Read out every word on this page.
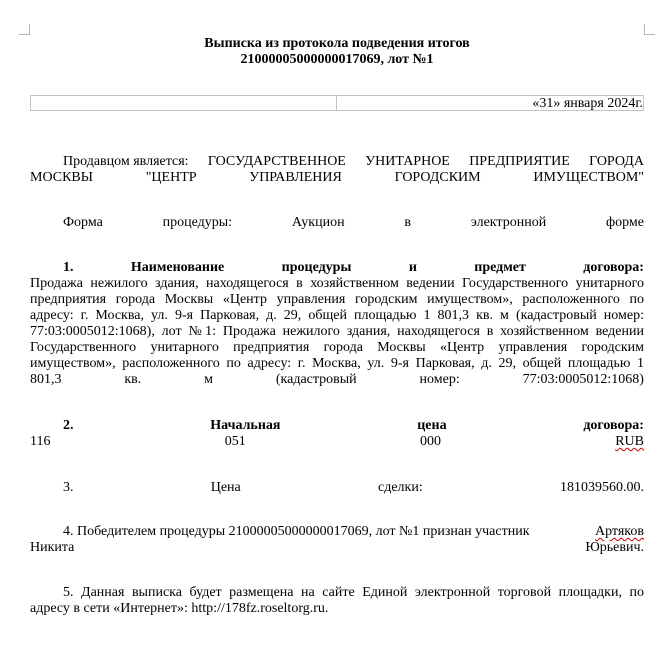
Выписка из протокола подведения итогов
21000005000000017069, лот №1
«31» января 2024г.
Продавцом является: ГОСУДАРСТВЕННОЕ УНИТАРНОЕ ПРЕДПРИЯТИЕ ГОРОДА
МОСКВЫ	"ЦЕНТР	УПРАВЛЕНИЯ	ГОРОДСКИМ	ИМУЩЕСТВОМ"
Форма	процедуры:	Аукцион	в	электронной	форме
1.	Наименование	процедуры	и	предмет	договора:
Продажа нежилого здания, находящегося в хозяйственном ведении Государственного унитарного
предприятия города Москвы «Центр управления городским имуществом», расположенного по
адресу: г. Москва, ул. 9-я Парковая, д. 29, общей площадью 1 801,3 кв. м (кадастровый номер:
77:03:0005012:1068), лот №1: Продажа нежилого здания, находящегося в хозяйственном ведении
Государственного унитарного предприятия города Москвы «Центр управления городским
имуществом», расположенного по адресу: г. Москва, ул. 9-я Парковая, д. 29, общей площадью 1
801,3	кв.	м	(кадастровый	номер:	77:03:0005012:1068)
2.	Начальная	цена	договора:
116	051	000	RUB
3.	Цена	сделки:	181039560.00.
4. Победителем процедуры 21000005000000017069, лот №1 признан участник	Артяков
Никита	Юрьевич.
5. Данная выписка будет размещена на сайте Единой электронной торговой площадки, по
адресу в сети «Интернет»: http://178fz.roseltorg.ru.
